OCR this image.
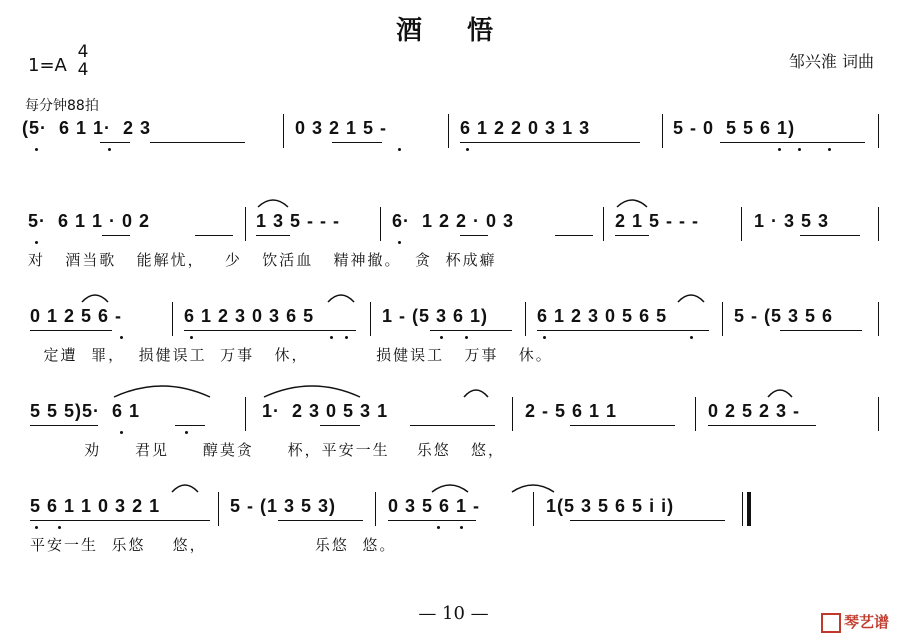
酒 悟
1=A
4
4	邹兴淮 词曲
每分钟88拍
(5·  6 1 1·  2 3	0 3 2 1 5 -	6 1 2 2 0 3 1 3	5 - 0  5 5 6 1)
5·  6 1 1 · 0 2	1 3 5 - - -	6·  1 2 2 · 0 3	2 1 5 - - -	1 · 3 5 3
对   酒当歌   能解忧，   少   饮活血   精神撤。  贪  杯成癖
0 1 2 5 6 -	6 1 2 3 0 3 6 5	1 - (5 3 6 1)	6 1 2 3 0 5 6 5	5 - (5 3 5 6
定遭  罪，  损健误工  万事   休，          损健误工   万事   休。
5 5 5)5·  6 1	1·  2 3 0 5 3 1	2 - 5 6 1 1	0 2 5 2 3 -
劝     君见     醇莫贪     杯，平安一生    乐悠   悠，
5 6 1 1 0 3 2 1	5 - (1 3 5 3)	0 3 5 6 1 -	1(5 3 5 6 5 i i)
平安一生  乐悠    悠，                乐悠  悠。
— 10 —	琴艺谱
